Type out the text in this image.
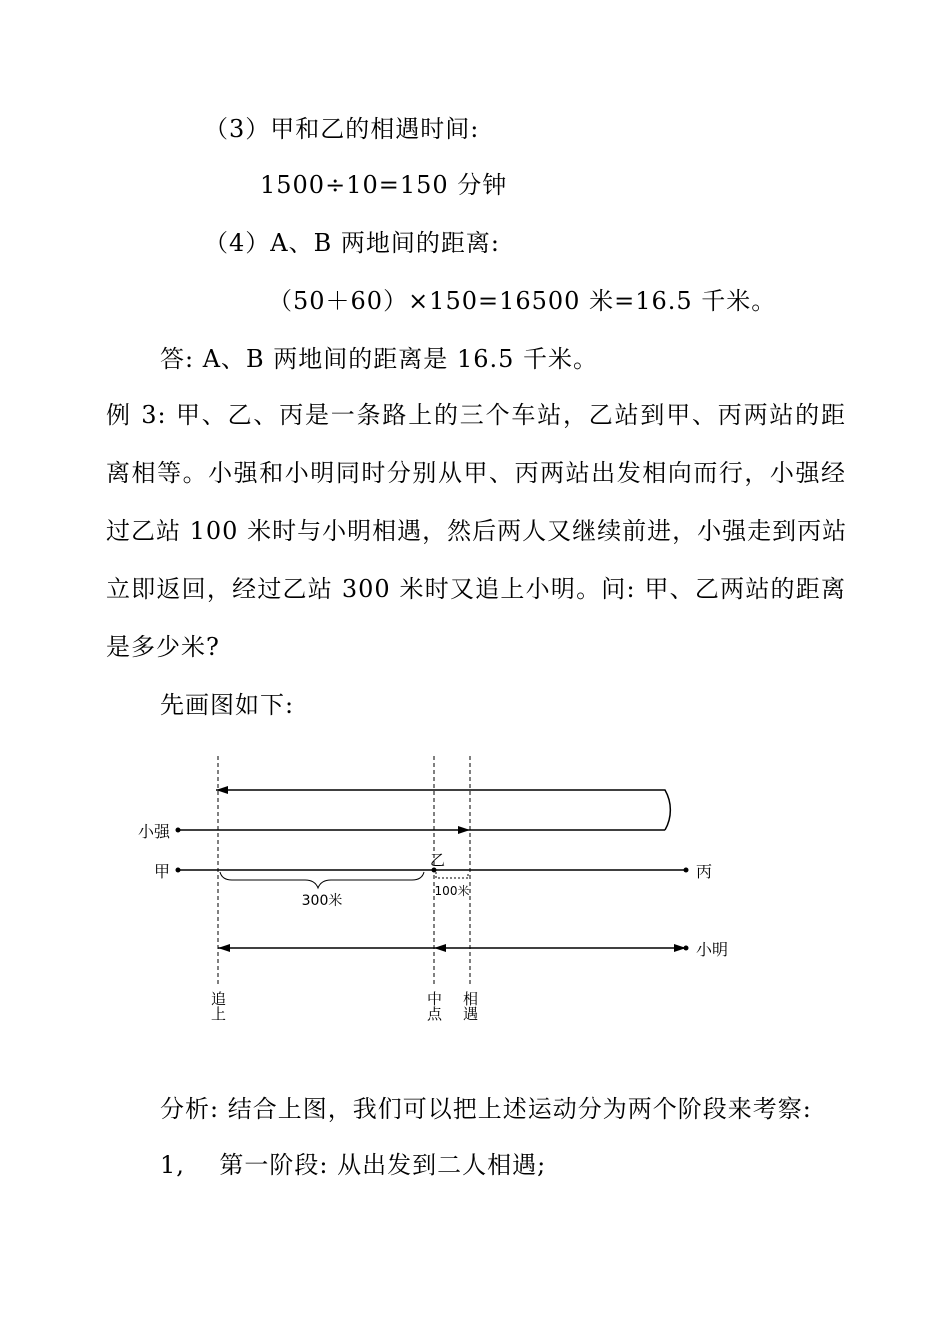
（3）甲和乙的相遇时间:
1500÷10=150 分钟
（4）A、B 两地间的距离:
（50＋60）×150=16500 米=16.5 千米。
答: A、B 两地间的距离是 16.5 千米。
例 3: 甲、乙、丙是一条路上的三个车站，乙站到甲、丙两站的距
离相等。小强和小明同时分别从甲、丙两站出发相向而行，小强经
过乙站 100 米时与小明相遇，然后两人又继续前进，小强走到丙站
立即返回，经过乙站 300 米时又追上小明。问: 甲、乙两站的距离
是多少米?
先画图如下:
小强
甲
乙
丙
300米
100米
小明
追上	中点 相遇
分析: 结合上图，我们可以把上述运动分为两个阶段来考察:
1,    第一阶段: 从出发到二人相遇;
